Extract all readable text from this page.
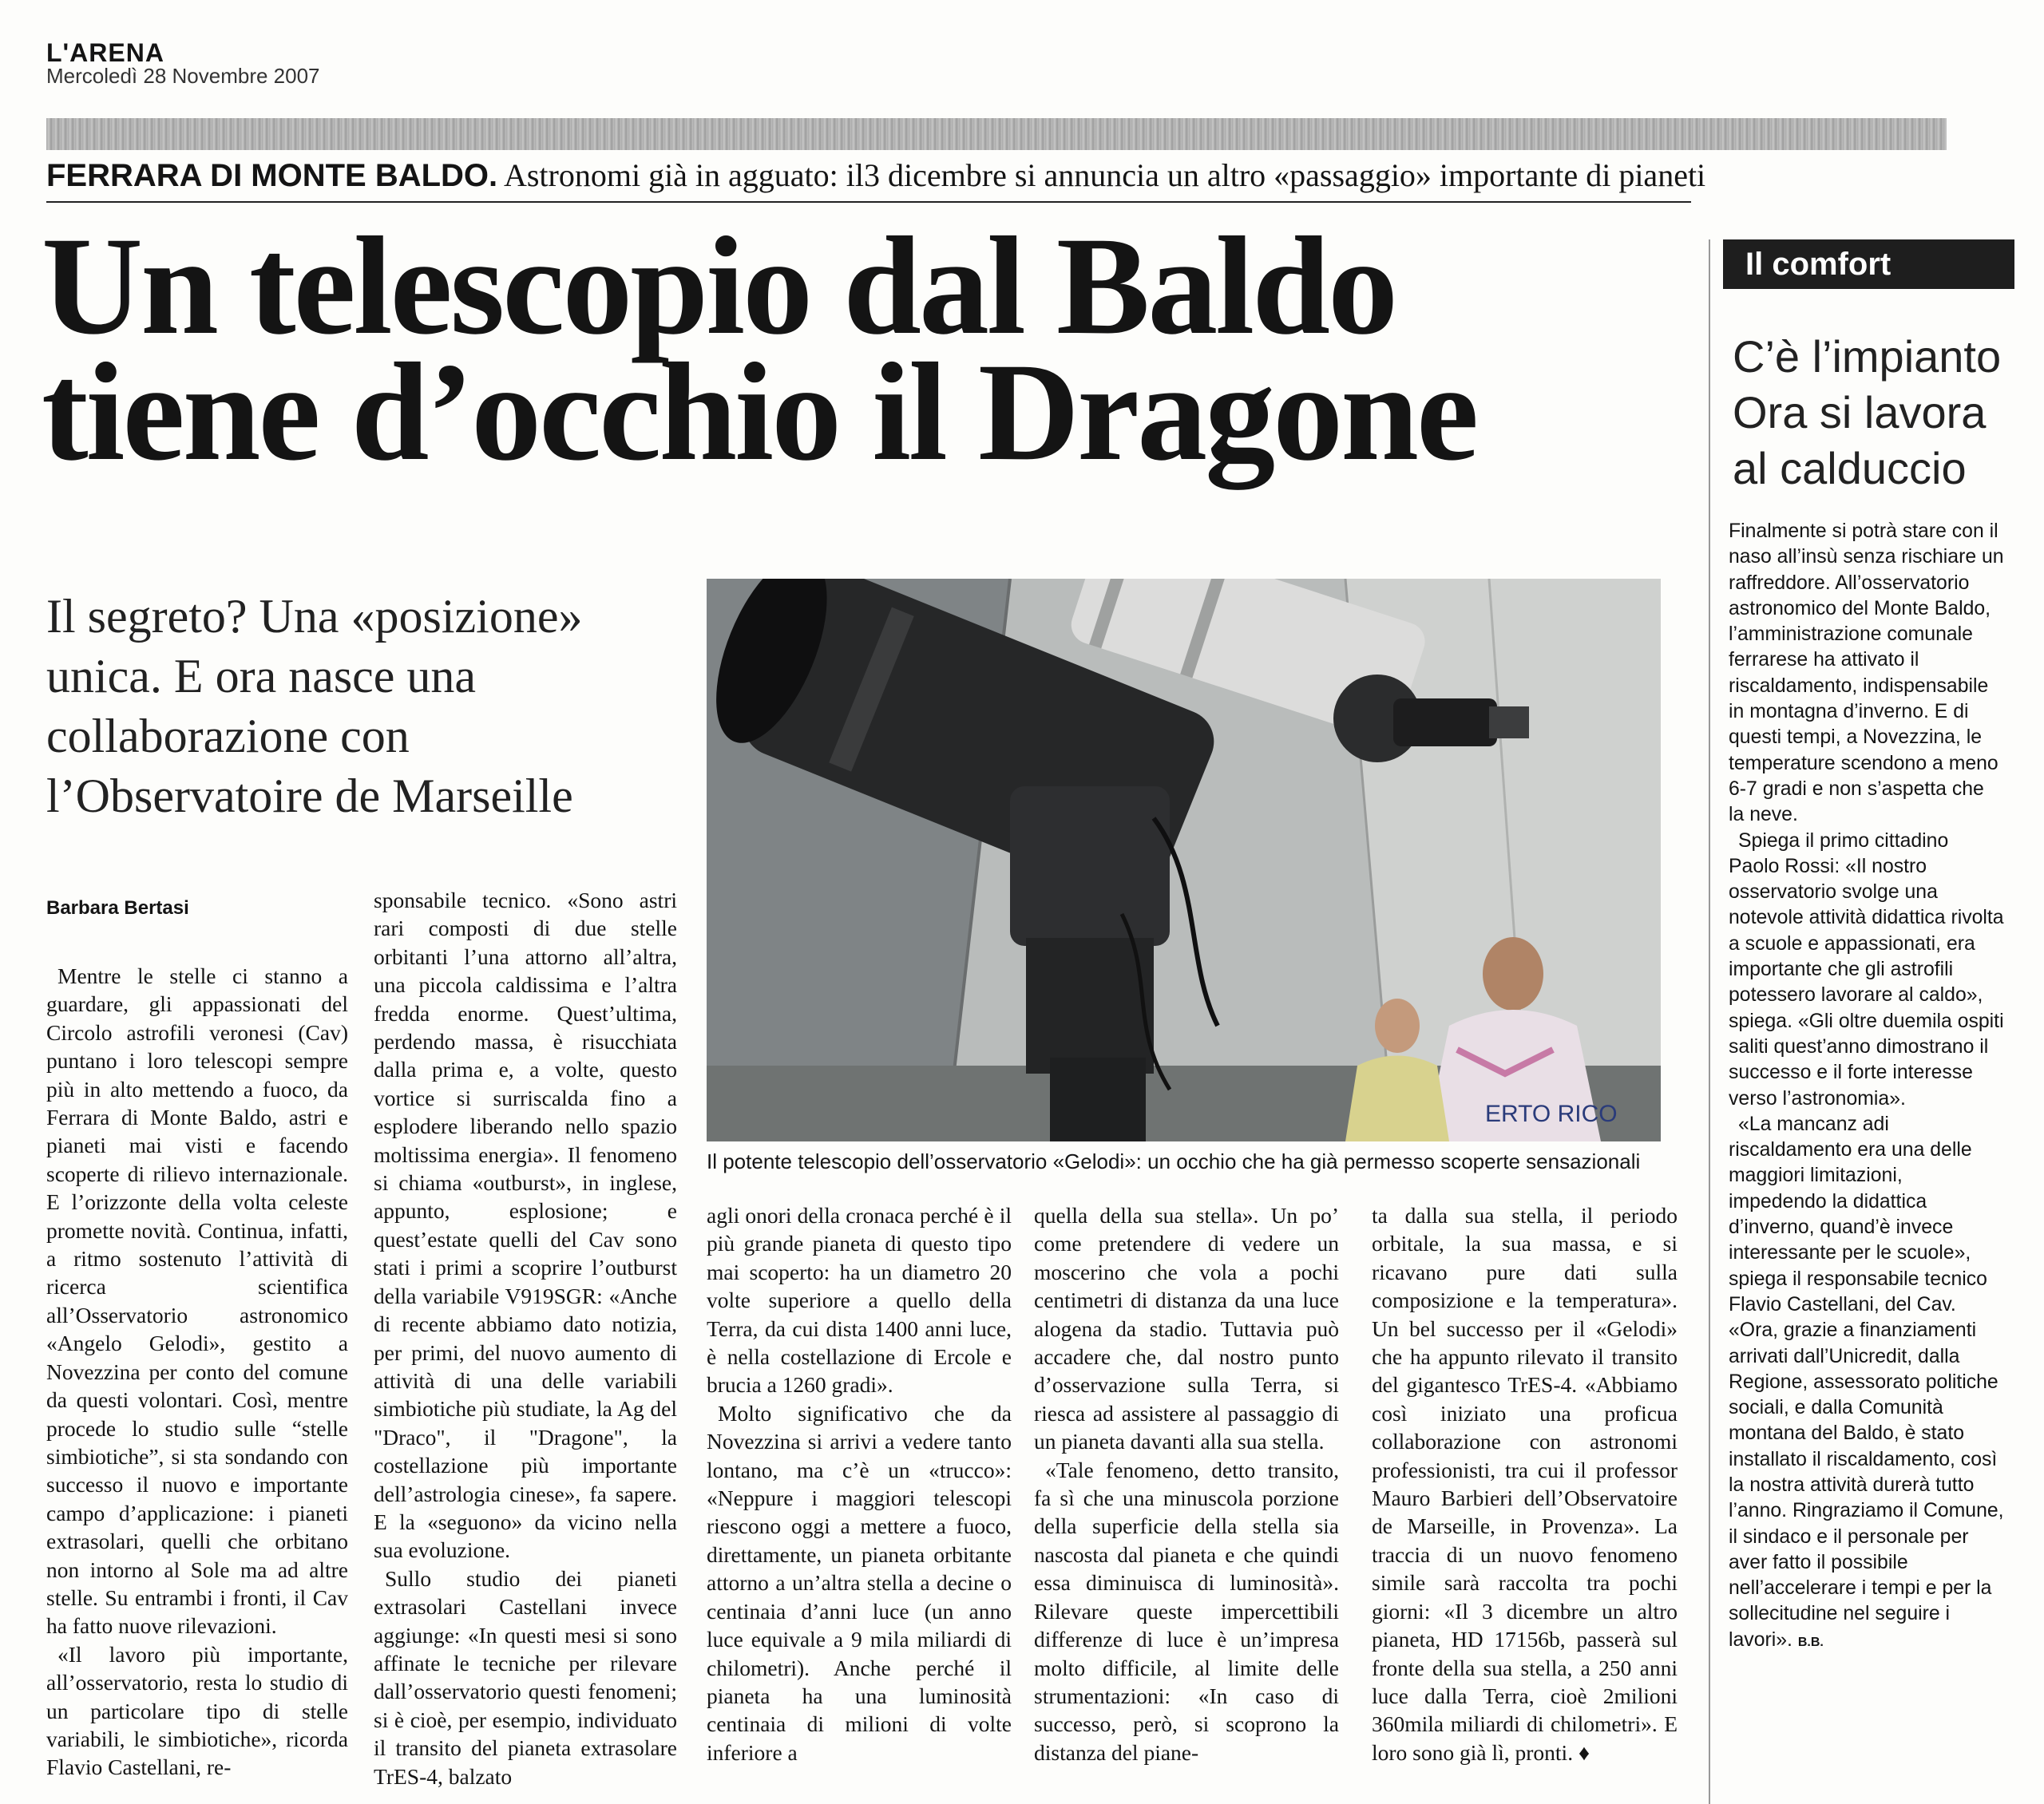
L'ARENA
Mercoledì 28 Novembre 2007
FERRARA DI MONTE BALDO. Astronomi già in agguato: il3 dicembre si annuncia un altro «passaggio» importante di pianeti
Un telescopio dal Baldo
tiene d’occhio il Dragone
Il segreto? Una «posizione»
unica. E ora nasce una
collaborazione con
l’Observatoire de Marseille
ERTO RICO
Il potente telescopio dell’osservatorio «Gelodi»: un occhio che ha già permesso scoperte sensazionali
Barbara Bertasi

Mentre le stelle ci stanno a guardare, gli appassionati del Circolo astrofili veronesi (Cav) puntano i loro telescopi sempre più in alto mettendo a fuoco, da Ferrara di Monte Baldo, astri e pianeti mai visti e facendo scoperte di rilievo internazionale. E l’orizzonte della volta celeste promette novità. Continua, infatti, a ritmo sostenuto l’attività di ricerca scientifica all’Osservatorio astronomico «Angelo Gelodi», gestito a Novezzina per conto del comune da questi volontari. Così, mentre procede lo studio sulle “stelle simbiotiche”, si sta sondando con successo il nuovo e importante campo d’applicazione: i pianeti extrasolari, quelli che orbitano non intorno al Sole ma ad altre stelle. Su entrambi i fronti, il Cav ha fatto nuove rilevazioni.

«Il lavoro più importante, all’osservatorio, resta lo studio di un particolare tipo di stelle variabili, le simbiotiche», ricorda Flavio Castellani, re-

sponsabile tecnico. «Sono astri rari composti di due stelle orbitanti l’una attorno all’altra, una piccola caldissima e l’altra fredda enorme. Quest’ultima, perdendo massa, è risucchiata dalla prima e, a volte, questo vortice si surriscalda fino a esplodere liberando nello spazio moltissima energia». Il fenomeno si chiama «outburst», in inglese, appunto, esplosione; e quest’estate quelli del Cav sono stati i primi a scoprire l’outburst della variabile V919SGR: «Anche di recente abbiamo dato notizia, per primi, del nuovo aumento di attività di una delle variabili simbiotiche più studiate, la Ag del "Draco", il "Dragone", la costellazione più importante dell’astrologia cinese», fa sapere. E la «seguono» da vicino nella sua evoluzione.

Sullo studio dei pianeti extrasolari Castellani invece aggiunge: «In questi mesi si sono affinate le tecniche per rilevare dall’osservatorio questi fenomeni; si è cioè, per esempio, individuato il transito del pianeta extrasolare TrES-4, balzato

agli onori della cronaca perché è il più grande pianeta di questo tipo mai scoperto: ha un diametro 20 volte superiore a quello della Terra, da cui dista 1400 anni luce, è nella costellazione di Ercole e brucia a 1260 gradi».

Molto significativo che da Novezzina si arrivi a vedere tanto lontano, ma c’è un «trucco»: «Neppure i maggiori telescopi riescono oggi a mettere a fuoco, direttamente, un pianeta orbitante attorno a un’altra stella a decine o centinaia d’anni luce (un anno luce equivale a 9 mila miliardi di chilometri). Anche perché il pianeta ha una luminosità centinaia di milioni di volte inferiore a

quella della sua stella». Un po’ come pretendere di vedere un moscerino che vola a pochi centimetri di distanza da una luce alogena da stadio. Tuttavia può accadere che, dal nostro punto d’osservazione sulla Terra, si riesca ad assistere al passaggio di un pianeta davanti alla sua stella.

«Tale fenomeno, detto transito, fa sì che una minuscola porzione della superficie della stella sia nascosta dal pianeta e che quindi essa diminuisca di luminosità». Rilevare queste impercettibili differenze di luce è un’impresa molto difficile, al limite delle strumentazioni: «In caso di successo, però, si scoprono la distanza del piane-

ta dalla sua stella, il periodo orbitale, la sua massa, e si ricavano pure dati sulla composizione e la temperatura». Un bel successo per il «Gelodi» che ha appunto rilevato il transito del gigantesco TrES-4. «Abbiamo così iniziato una proficua collaborazione con astronomi professionisti, tra cui il professor Mauro Barbieri dell’Observatoire de Marseille, in Provenza». La traccia di un nuovo fenomeno simile sarà raccolta tra pochi giorni: «Il 3 dicembre un altro pianeta, HD 17156b, passerà sul fronte della sua stella, a 250 anni luce dalla Terra, cioè 2milioni 360mila miliardi di chilometri». E loro sono già lì, pronti. ♦

Il comfort
C’è l’impianto
Ora si lavora
al calduccio

Finalmente si potrà stare con il naso all’insù senza rischiare un raffreddore. All’osservatorio astronomico del Monte Baldo, l’amministrazione comunale ferrarese ha attivato il riscaldamento, indispensabile in montagna d’inverno. E di questi tempi, a Novezzina, le temperature scendono a meno 6-7 gradi e non s’aspetta che la neve.

Spiega il primo cittadino Paolo Rossi: «Il nostro osservatorio svolge una notevole attività didattica rivolta a scuole e appassionati, era importante che gli astrofili potessero lavorare al caldo», spiega. «Gli oltre duemila ospiti saliti quest’anno dimostrano il successo e il forte interesse verso l’astronomia».

«La mancanz adi riscaldamento era una delle maggiori limitazioni, impedendo la didattica d’inverno, quand’è invece interessante per le scuole», spiega il responsabile tecnico Flavio Castellani, del Cav. «Ora, grazie a finanziamenti arrivati dall’Unicredit, dalla Regione, assessorato politiche sociali, e dalla Comunità montana del Baldo, è stato installato il riscaldamento, così la nostra attività durerà tutto l’anno. Ringraziamo il Comune, il sindaco e il personale per aver fatto il possibile nell’accelerare i tempi e per la sollecitudine nel seguire i lavori». B.B.
